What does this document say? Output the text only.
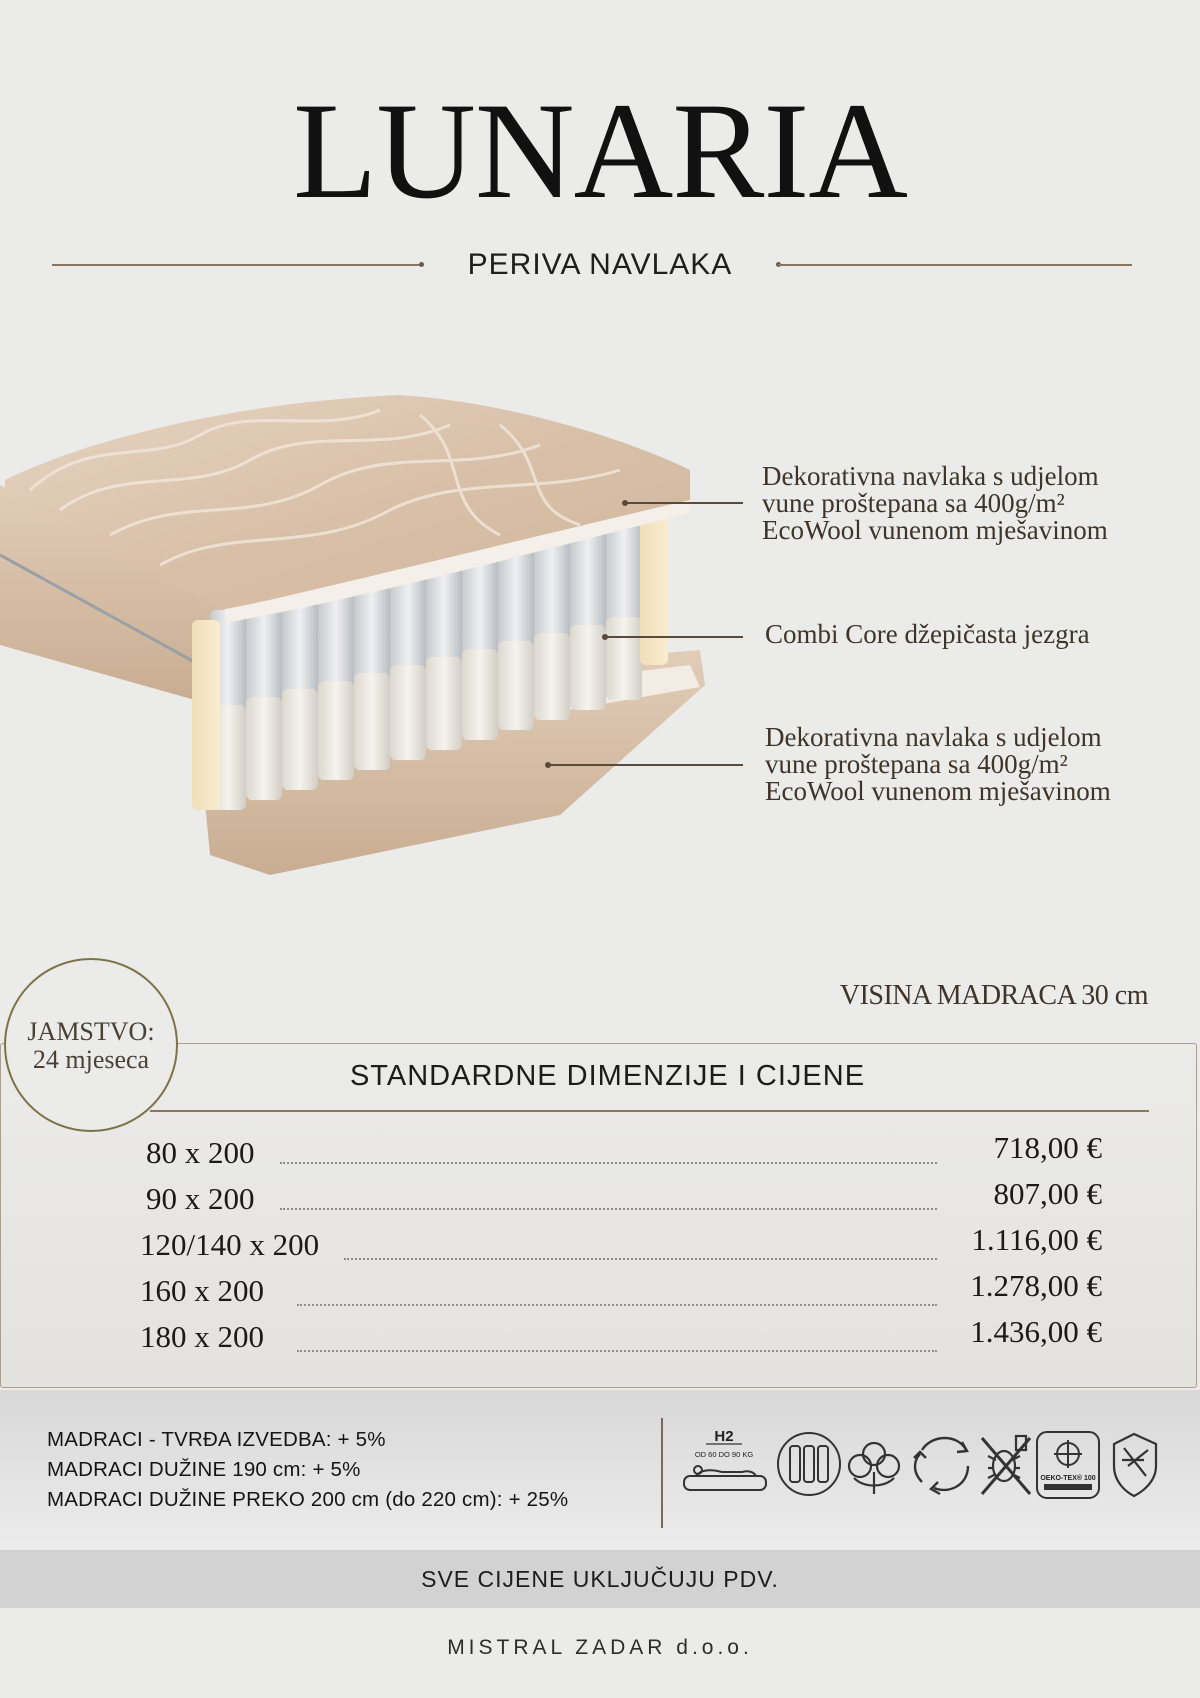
LUNARIA
PERIVA NAVLAKA
Dekorativna navlaka s udjelom
vune proštepana sa 400g/m²
EcoWool vunenom mješavinom
Combi Core džepičasta jezgra
Dekorativna navlaka s udjelom
vune proštepana sa 400g/m²
EcoWool vunenom mješavinom
VISINA MADRACA 30 cm
STANDARDNE DIMENZIJE I CIJENE
80 x 200	718,00 €
90 x 200	807,00 €
120/140 x 200	1.116,00 €
160 x 200	1.278,00 €
180 x 200	1.436,00 €
JAMSTVO:
24 mjeseca
MADRACI - TVRĐA IZVEDBA: + 5%
MADRACI DUŽINE 190 cm: + 5%
MADRACI DUŽINE PREKO 200 cm (do 220 cm): + 25%
H2
OD 60 DO 90 KG
OEKO-TEX® 100
SVE CIJENE UKLJUČUJU PDV.
MISTRAL ZADAR d.o.o.
